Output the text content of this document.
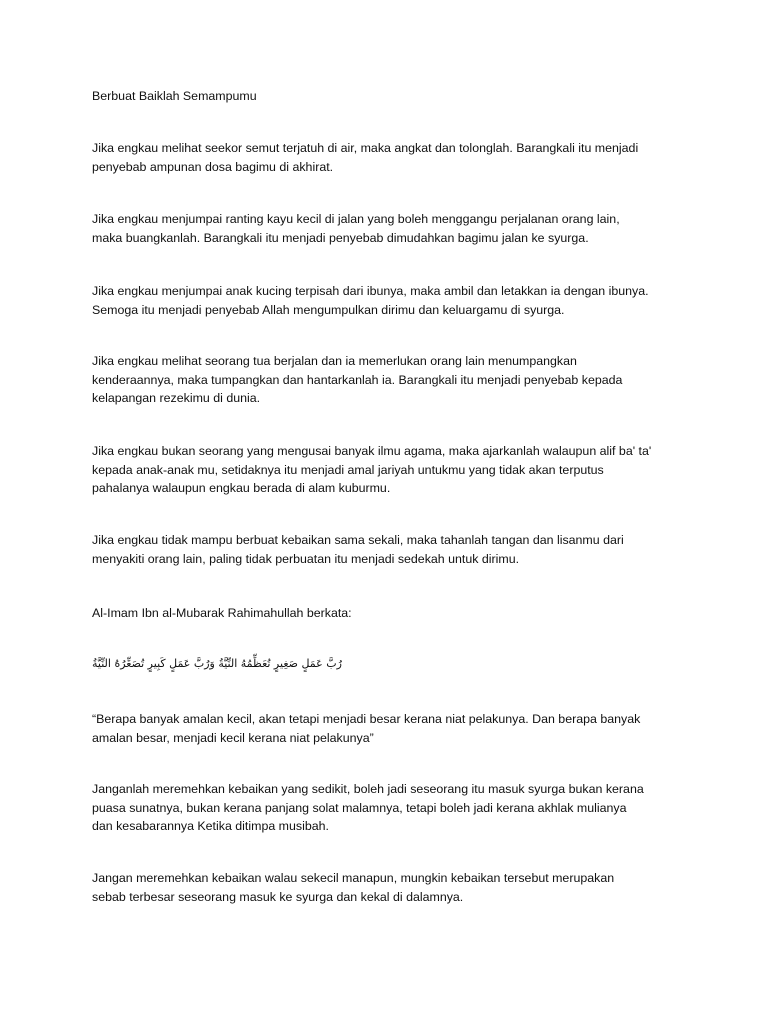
Berbuat Baiklah Semampumu
Jika engkau melihat seekor semut terjatuh di air, maka angkat dan tolonglah. Barangkali itu menjadi
penyebab ampunan dosa bagimu di akhirat.
Jika engkau menjumpai ranting kayu kecil di jalan yang boleh menggangu perjalanan orang lain,
maka buangkanlah. Barangkali itu menjadi penyebab dimudahkan bagimu jalan ke syurga.
Jika engkau menjumpai anak kucing terpisah dari ibunya, maka ambil dan letakkan ia dengan ibunya.
Semoga itu menjadi penyebab Allah mengumpulkan dirimu dan keluargamu di syurga.
Jika engkau melihat seorang tua berjalan dan ia memerlukan orang lain menumpangkan
kenderaannya, maka tumpangkan dan hantarkanlah ia. Barangkali itu menjadi penyebab kepada
kelapangan rezekimu di dunia.
Jika engkau bukan seorang yang mengusai banyak ilmu agama, maka ajarkanlah walaupun alif ba' ta'
kepada anak-anak mu, setidaknya itu menjadi amal jariyah untukmu yang tidak akan terputus
pahalanya walaupun engkau berada di alam kuburmu.
Jika engkau tidak mampu berbuat kebaikan sama sekali, maka tahanlah tangan dan lisanmu dari
menyakiti orang lain, paling tidak perbuatan itu menjadi sedekah untuk dirimu.
Al-Imam Ibn al-Mubarak Rahimahullah berkata:
رُبَّ عَمَلٍ صَغِيرٍ تُعَظِّمُهُ النِّيَّةُ وَرُبَّ عَمَلٍ كَبِيرٍ تُصَغِّرُهُ النِّيَّةُ
“Berapa banyak amalan kecil, akan tetapi menjadi besar kerana niat pelakunya. Dan berapa banyak
amalan besar, menjadi kecil kerana niat pelakunya”
Janganlah meremehkan kebaikan yang sedikit, boleh jadi seseorang itu masuk syurga bukan kerana
puasa sunatnya, bukan kerana panjang solat malamnya, tetapi boleh jadi kerana akhlak mulianya
dan kesabarannya Ketika ditimpa musibah.
Jangan meremehkan kebaikan walau sekecil manapun, mungkin kebaikan tersebut merupakan
sebab terbesar seseorang masuk ke syurga dan kekal di dalamnya.
